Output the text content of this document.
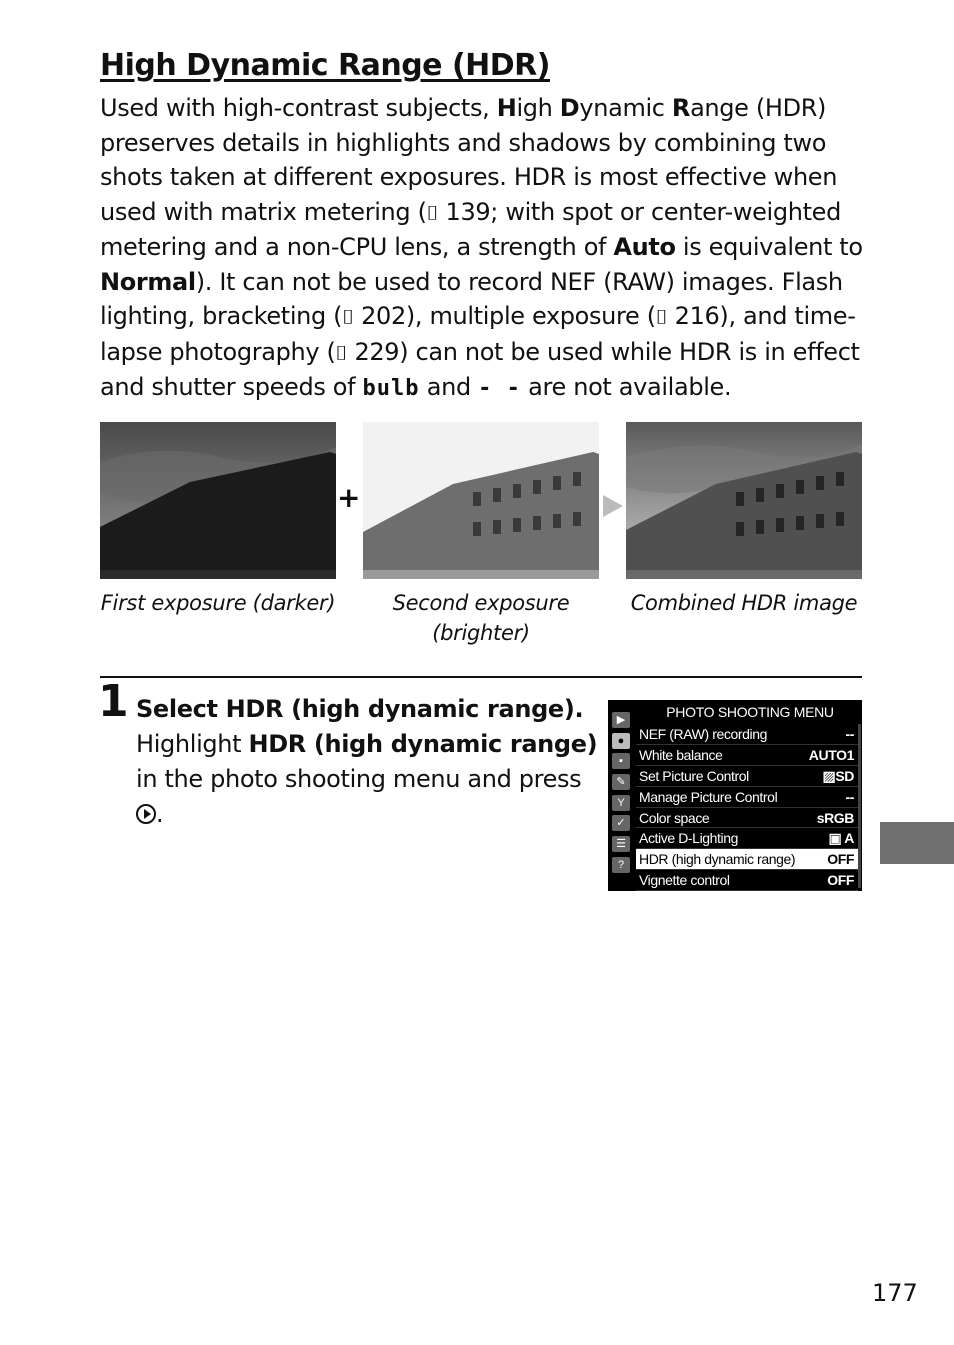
High Dynamic Range (HDR)

Used with high-contrast subjects, High Dynamic Range (HDR) preserves details in highlights and shadows by combining two shots taken at different exposures. HDR is most effective when used with matrix metering (⌷ 139; with spot or center-weighted metering and a non-CPU lens, a strength of Auto is equivalent to Normal). It can not be used to record NEF (RAW) images. Flash lighting, bracketing (⌷ 202), multiple exposure (⌷ 216), and time-lapse photography (⌷ 229) can not be used while HDR is in effect and shutter speeds of bulb and - - are not available.

+
First exposure (darker)	Second exposure (brighter)
Combined HDR image
1 Select HDR (high dynamic range).
Highlight HDR (high dynamic range) in the photo shooting menu and press .

PHOTO SHOOTING MENU
▶
●
▪
✎
Y
✓
☰
?
NEF (RAW) recording	--
White balance	AUTO1
Set Picture Control	▨SD
Manage Picture Control	--
Color space	sRGB
Active D-Lighting	▣ A
HDR (high dynamic range) OFF
Vignette control	OFF
177
